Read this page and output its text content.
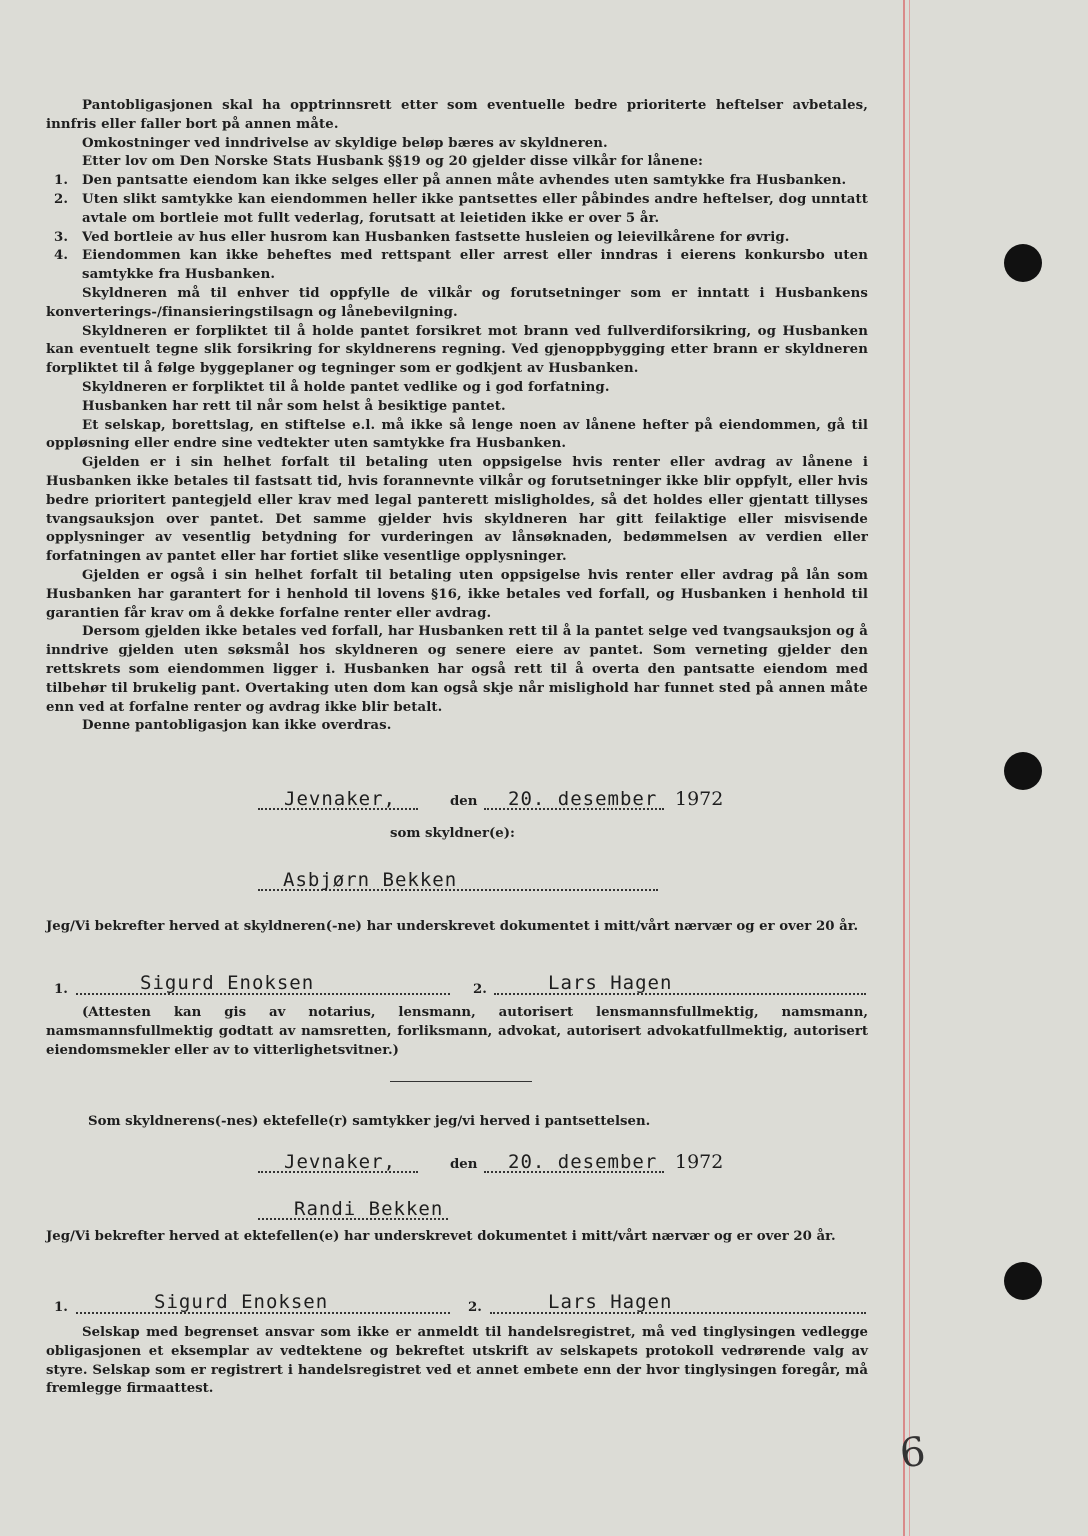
Pantobligasjonen skal ha opptrinnsrett etter som eventuelle bedre prioriterte heftelser avbetales, innfris eller faller bort på annen måte.

Omkostninger ved inndrivelse av skyldige beløp bæres av skyldneren.

Etter lov om Den Norske Stats Husbank §§19 og 20 gjelder disse vilkår for lånene:

1.	Den pantsatte eiendom kan ikke selges eller på annen måte avhendes uten samtykke fra Husbanken.
2.	Uten slikt samtykke kan eiendommen heller ikke pantsettes eller påbindes andre heftelser, dog unntatt avtale om bortleie mot fullt vederlag, forutsatt at leietiden ikke er over 5 år.
3.	Ved bortleie av hus eller husrom kan Husbanken fastsette husleien og leievilkårene for øvrig.
4.	Eiendommen kan ikke beheftes med rettspant eller arrest eller inndras i eierens konkursbo uten samtykke fra Husbanken.

Skyldneren må til enhver tid oppfylle de vilkår og forutsetninger som er inntatt i Husbankens konverterings-/finansieringstilsagn og lånebevilgning.

Skyldneren er forpliktet til å holde pantet forsikret mot brann ved fullverdiforsikring, og Husbanken kan eventuelt tegne slik forsikring for skyldnerens regning. Ved gjenoppbygging etter brann er skyldneren forpliktet til å følge byggeplaner og tegninger som er godkjent av Husbanken.

Skyldneren er forpliktet til å holde pantet vedlike og i god forfatning.

Husbanken har rett til når som helst å besiktige pantet.

Et selskap, borettslag, en stiftelse e.l. må ikke så lenge noen av lånene hefter på eiendommen, gå til oppløsning eller endre sine vedtekter uten samtykke fra Husbanken.

Gjelden er i sin helhet forfalt til betaling uten oppsigelse hvis renter eller avdrag av lånene i Husbanken ikke betales til fastsatt tid, hvis forannevnte vilkår og forutsetninger ikke blir oppfylt, eller hvis bedre prioritert pantegjeld eller krav med legal panterett misligholdes, så det holdes eller gjentatt tillyses tvangsauksjon over pantet. Det samme gjelder hvis skyldneren har gitt feilaktige eller misvisende opplysninger av vesentlig betydning for vurderingen av lånsøknaden, bedømmelsen av verdien eller forfatningen av pantet eller har fortiet slike vesentlige opplysninger.

Gjelden er også i sin helhet forfalt til betaling uten oppsigelse hvis renter eller avdrag på lån som Husbanken har garantert for i henhold til lovens §16, ikke betales ved forfall, og Husbanken i henhold til garantien får krav om å dekke forfalne renter eller avdrag.

Dersom gjelden ikke betales ved forfall, har Husbanken rett til å la pantet selge ved tvangsauksjon og å inndrive gjelden uten søksmål hos skyldneren og senere eiere av pantet. Som verneting gjelder den rettskrets som eiendommen ligger i. Husbanken har også rett til å overta den pantsatte eiendom med tilbehør til brukelig pant. Overtaking uten dom kan også skje når mislighold har funnet sted på annen måte enn ved at forfalne renter og avdrag ikke blir betalt.

Denne pantobligasjon kan ikke overdras.

Jevnaker,	den 20. desember 1972
som skyldner(e):
Asbjørn Bekken

Jeg/Vi bekrefter herved at skyldneren(-ne) har underskrevet dokumentet i mitt/vårt nærvær og er over 20 år.

1.	Sigurd Enoksen	2.	Lars Hagen

(Attesten kan gis av notarius, lensmann, autorisert lensmannsfullmektig, namsmann, namsmannsfullmektig godtatt av namsretten, forliksmann, advokat, autorisert advokatfullmektig, autorisert eiendomsmekler eller av to vitterlighetsvitner.)

Som skyldnerens(-nes) ektefelle(r) samtykker jeg/vi herved i pantsettelsen.
Jevnaker,	den 20. desember 1972
Randi Bekken

Jeg/Vi bekrefter herved at ektefellen(e) har underskrevet dokumentet i mitt/vårt nærvær og er over 20 år.

1.	Sigurd Enoksen	2.	Lars Hagen

Selskap med begrenset ansvar som ikke er anmeldt til handelsregistret, må ved tinglysingen vedlegge obligasjonen et eksemplar av vedtektene og bekreftet utskrift av selskapets protokoll vedrørende valg av styre. Selskap som er registrert i handelsregistret ved et annet embete enn der hvor tinglysingen foregår, må fremlegge firmaattest.

6
